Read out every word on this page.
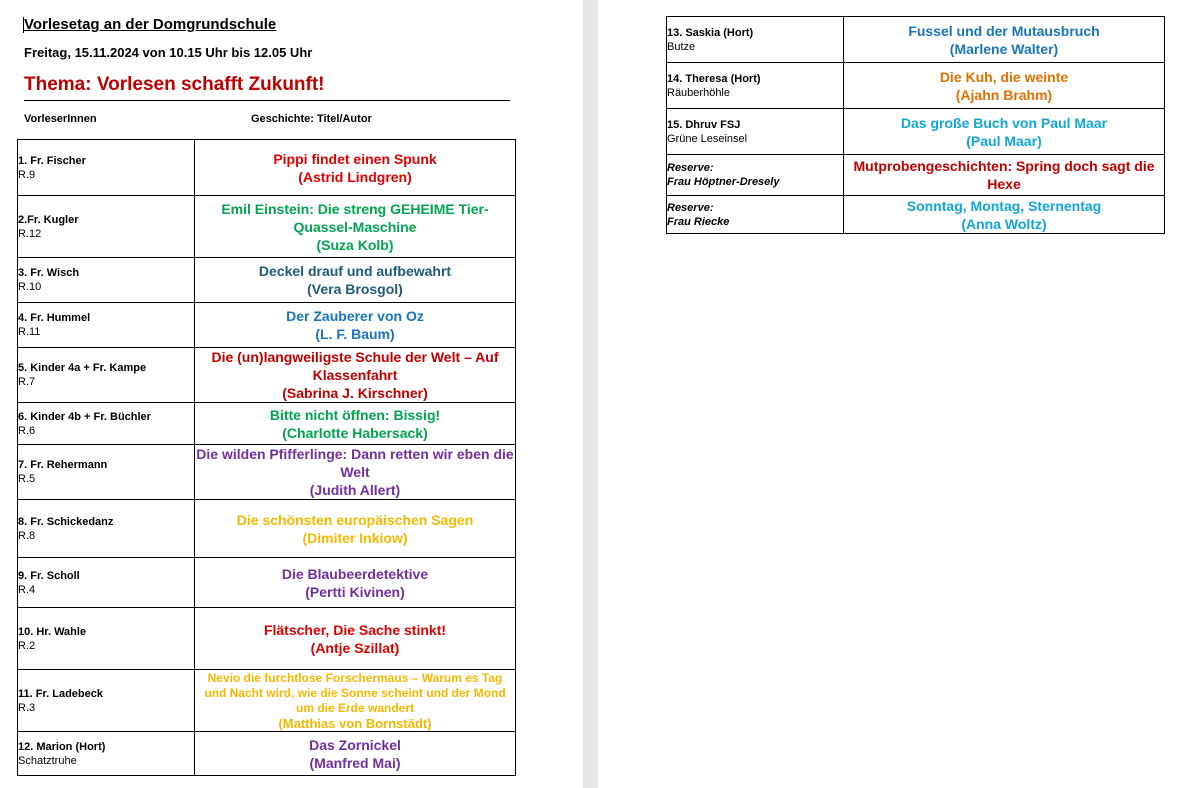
Vorlesetag an der Domgrundschule
Freitag, 15.11.2024 von 10.15 Uhr bis 12.05 Uhr
Thema: Vorlesen schafft Zukunft!
VorleserInnen	Geschichte: Titel/Autor
1. Fr. Fischer
R.9	Pippi findet einen Spunk
(Astrid Lindgren)

2.Fr. Kugler
R.12	Emil Einstein: Die streng GEHEIME Tier-Quassel-Maschine
(Suza Kolb)

3. Fr. Wisch
R.10	Deckel drauf und aufbewahrt
(Vera Brosgol)

4. Fr. Hummel
R.11	Der Zauberer von Oz
(L. F. Baum)

5. Kinder 4a + Fr. Kampe
R.7	Die (un)langweiligste Schule der Welt – Auf Klassenfahrt
(Sabrina J. Kirschner)

6. Kinder 4b + Fr. Büchler
R.6	Bitte nicht öffnen: Bissig!
(Charlotte Habersack)

7. Fr. Rehermann
R.5	Die wilden Pfifferlinge: Dann retten wir eben die Welt
(Judith Allert)

8. Fr. Schickedanz
R.8	Die schönsten europäischen Sagen
(Dimiter Inkiow)

9. Fr. Scholl
R.4	Die Blaubeerdetektive
(Pertti Kivinen)

10. Hr. Wahle
R.2	Flätscher, Die Sache stinkt!
(Antje Szillat)

11. Fr. Ladebeck
R.3	Nevio die furchtlose Forschermaus – Warum es Tag und Nacht wird, wie die Sonne scheint und der Mond um die Erde wandert
(Matthias von Bornstädt)

12. Marion (Hort)
Schatztruhe	Das Zornickel
(Manfred Mai)
13. Saskia (Hort)
Butze	Fussel und der Mutausbruch
(Marlene Walter)

14. Theresa (Hort)
Räuberhöhle	Die Kuh, die weinte
(Ajahn Brahm)

15. Dhruv FSJ
Grüne Leseinsel	Das große Buch von Paul Maar
(Paul Maar)

Reserve:
Frau Höptner-Dresely	Mutprobengeschichten: Spring doch sagt die Hexe

Reserve:
Frau Riecke	Sonntag, Montag, Sternentag
(Anna Woltz)
